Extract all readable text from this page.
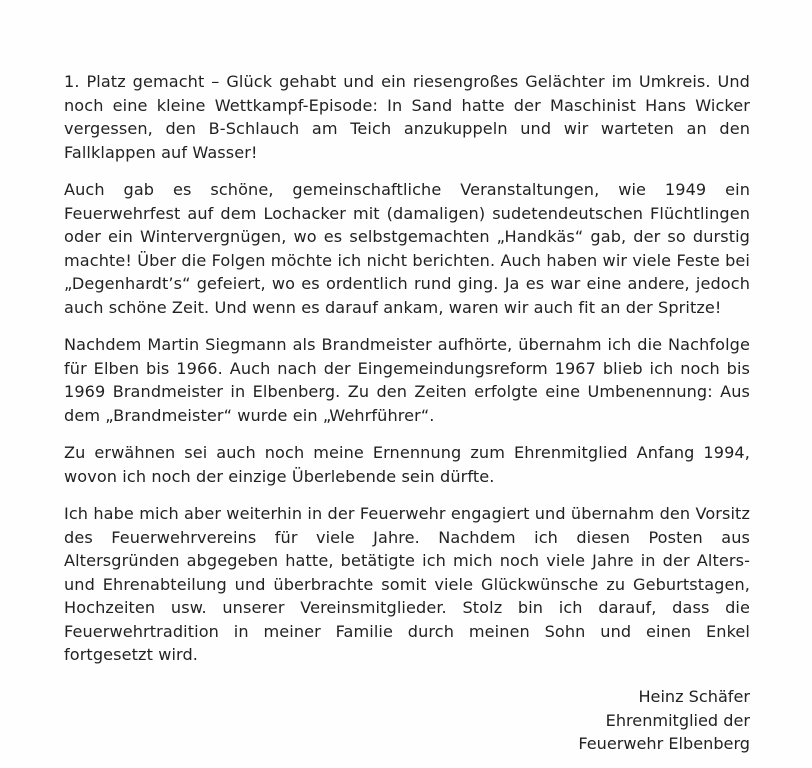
1. Platz gemacht – Glück gehabt und ein riesengroßes Gelächter im Umkreis. Und noch eine kleine Wettkampf-Episode: In Sand hatte der Maschinist Hans Wicker vergessen, den B-Schlauch am Teich anzukuppeln und wir warteten an den Fallklappen auf Wasser!

Auch gab es schöne, gemeinschaftliche Veranstaltungen, wie 1949 ein Feuerwehrfest auf dem Lochacker mit (damaligen) sudetendeutschen Flüchtlingen oder ein Wintervergnügen, wo es selbstgemachten „Handkäs“ gab, der so durstig machte! Über die Folgen möchte ich nicht berichten. Auch haben wir viele Feste bei „Degenhardt’s“ gefeiert, wo es ordentlich rund ging. Ja es war eine andere, jedoch auch schöne Zeit. Und wenn es darauf ankam, waren wir auch fit an der Spritze!

Nachdem Martin Siegmann als Brandmeister aufhörte, übernahm ich die Nachfolge für Elben bis 1966. Auch nach der Eingemeindungsreform 1967 blieb ich noch bis 1969 Brandmeister in Elbenberg. Zu den Zeiten erfolgte eine Umbenennung: Aus dem „Brandmeister“ wurde ein „Wehrführer“.

Zu erwähnen sei auch noch meine Ernennung zum Ehrenmitglied Anfang 1994, wovon ich noch der einzige Überlebende sein dürfte.

Ich habe mich aber weiterhin in der Feuerwehr engagiert und übernahm den Vorsitz des Feuerwehrvereins für viele Jahre. Nachdem ich diesen Posten aus Altersgründen abgegeben hatte, betätigte ich mich noch viele Jahre in der Alters- und Ehrenabteilung und überbrachte somit viele Glückwünsche zu Geburtstagen, Hochzeiten usw. unserer Vereinsmitglieder. Stolz bin ich darauf, dass die Feuerwehrtradition in meiner Familie durch meinen Sohn und einen Enkel fortgesetzt wird.

Heinz Schäfer
Ehrenmitglied der
Feuerwehr Elbenberg
